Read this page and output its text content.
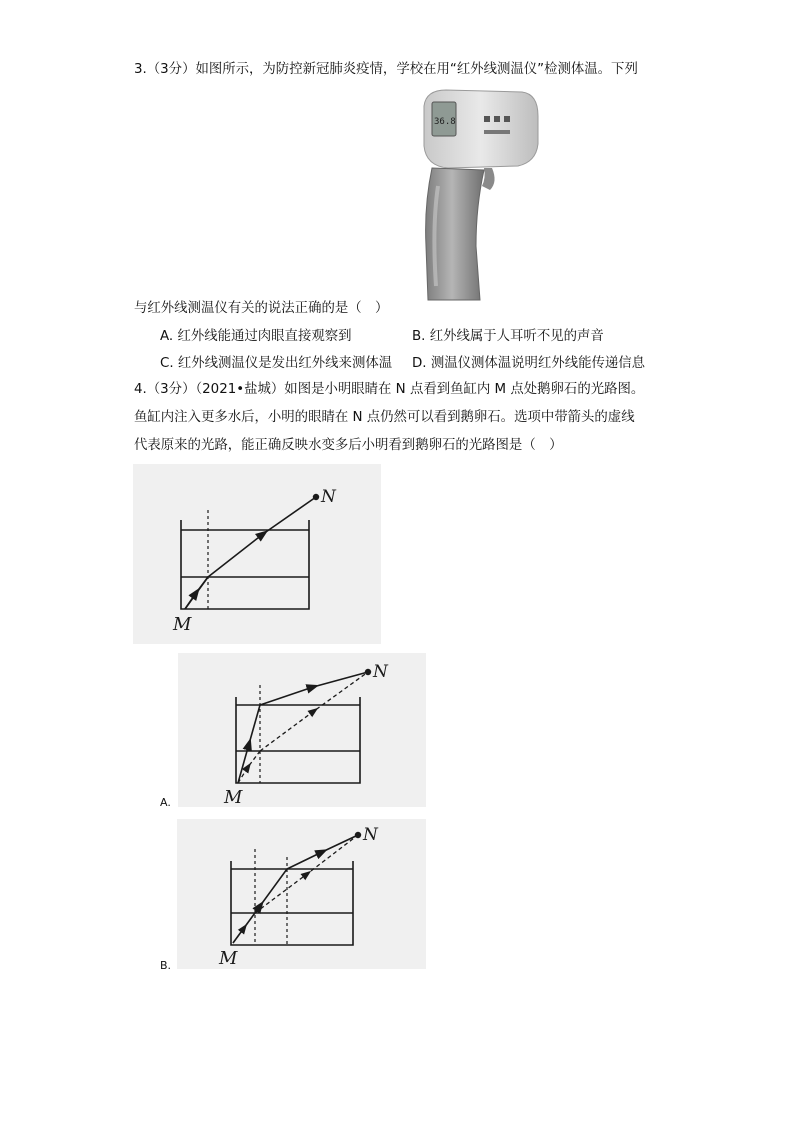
3.（3分）如图所示，为防控新冠肺炎疫情，学校在用“红外线测温仪”检测体温。下列
36.8
与红外线测温仪有关的说法正确的是（　）
A. 红外线能通过肉眼直接观察到	B. 红外线属于人耳听不见的声音
C. 红外线测温仪是发出红外线来测体温 D. 测温仪测体温说明红外线能传递信息
4.（3分）（2021•盐城）如图是小明眼睛在 N 点看到鱼缸内 M 点处鹅卵石的光路图。
鱼缸内注入更多水后，小明的眼睛在 N 点仍然可以看到鹅卵石。选项中带箭头的虚线
代表原来的光路，能正确反映水变多后小明看到鹅卵石的光路图是（　）
N
M
N
M
A.
N
M
B.
